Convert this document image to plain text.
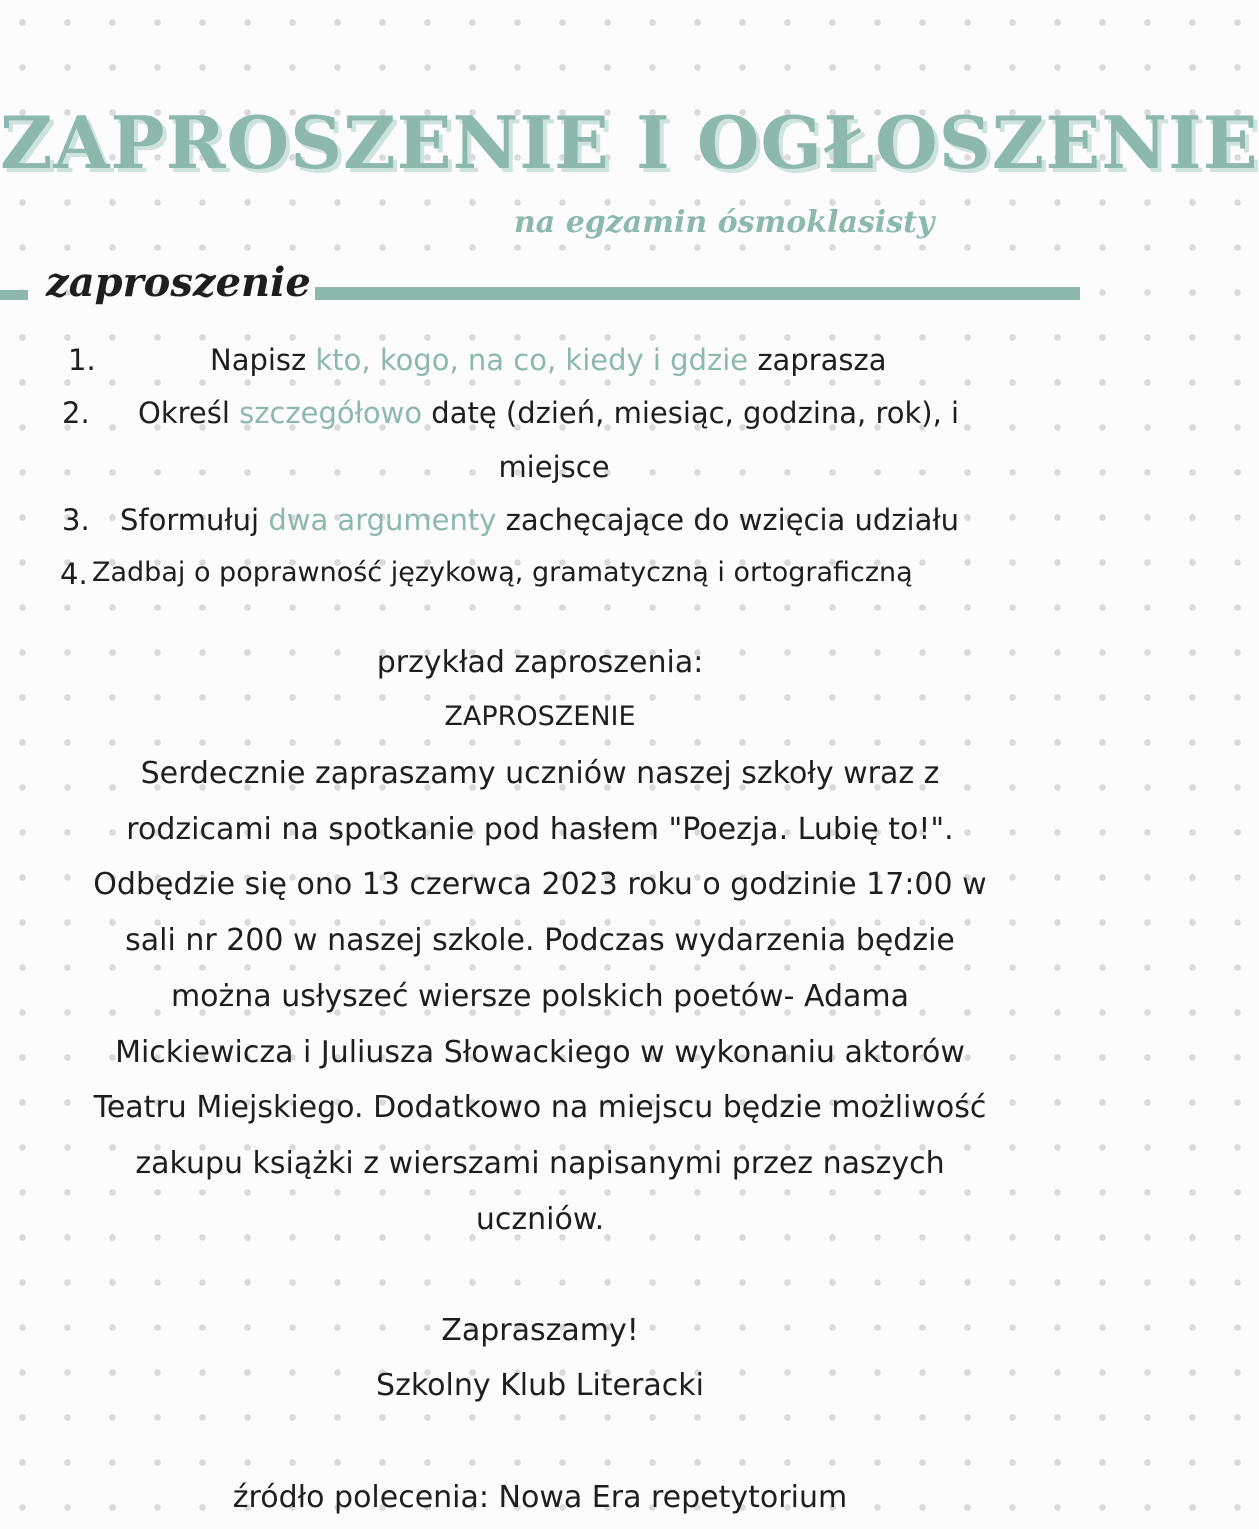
ZAPROSZENIE I OGŁOSZENIE
na egzamin ósmoklasisty
zaproszenie
1.	Napisz kto, kogo, na co, kiedy i gdzie zaprasza
2. Określ szczegółowo datę (dzień, miesiąc, godzina, rok), i
miejsce
3. Sformułuj dwa argumenty zachęcające do wzięcia udziału
4. Zadbaj o poprawność językową, gramatyczną i ortograficzną
przykład zaproszenia:
ZAPROSZENIE
Serdecznie zapraszamy uczniów naszej szkoły wraz z
rodzicami na spotkanie pod hasłem "Poezja. Lubię to!".
Odbędzie się ono 13 czerwca 2023 roku o godzinie 17:00 w
sali nr 200 w naszej szkole. Podczas wydarzenia będzie
można usłyszeć wiersze polskich poetów- Adama
Mickiewicza i Juliusza Słowackiego w wykonaniu aktorów
Teatru Miejskiego. Dodatkowo na miejscu będzie możliwość
zakupu książki z wierszami napisanymi przez naszych
uczniów.
Zapraszamy!
Szkolny Klub Literacki
źródło polecenia: Nowa Era repetytorium
